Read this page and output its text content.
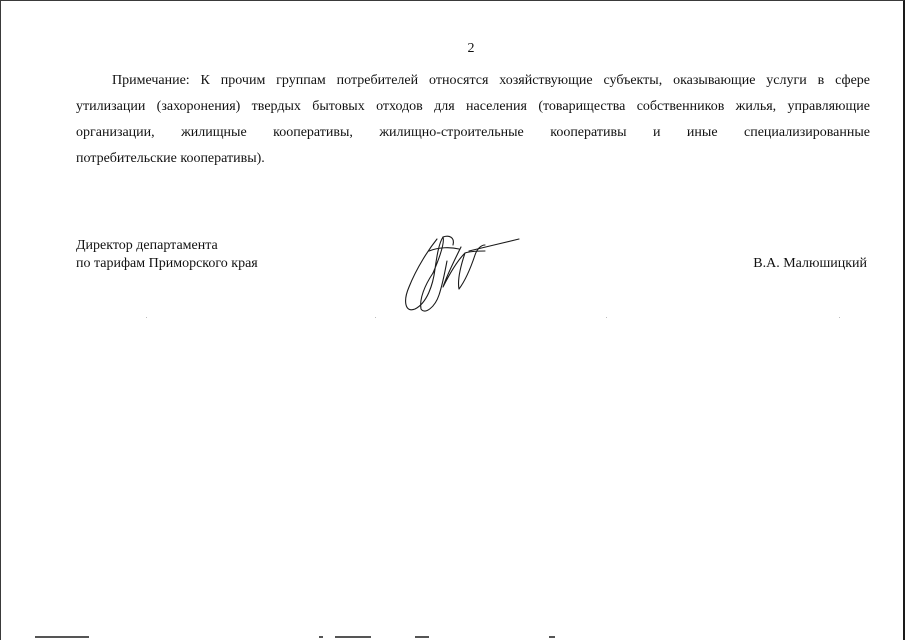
2
Примечание: К прочим группам потребителей относятся хозяйствующие субъекты, оказывающие услуги в сфере
утилизации (захоронения) твердых бытовых отходов для населения (товарищества собственников жилья, управляющие
организации, жилищные кооперативы, жилищно-строительные кооперативы и иные специализированные
потребительские кооперативы).
Директор департамента
по тарифам Приморского края	В.А. Малюшицкий
